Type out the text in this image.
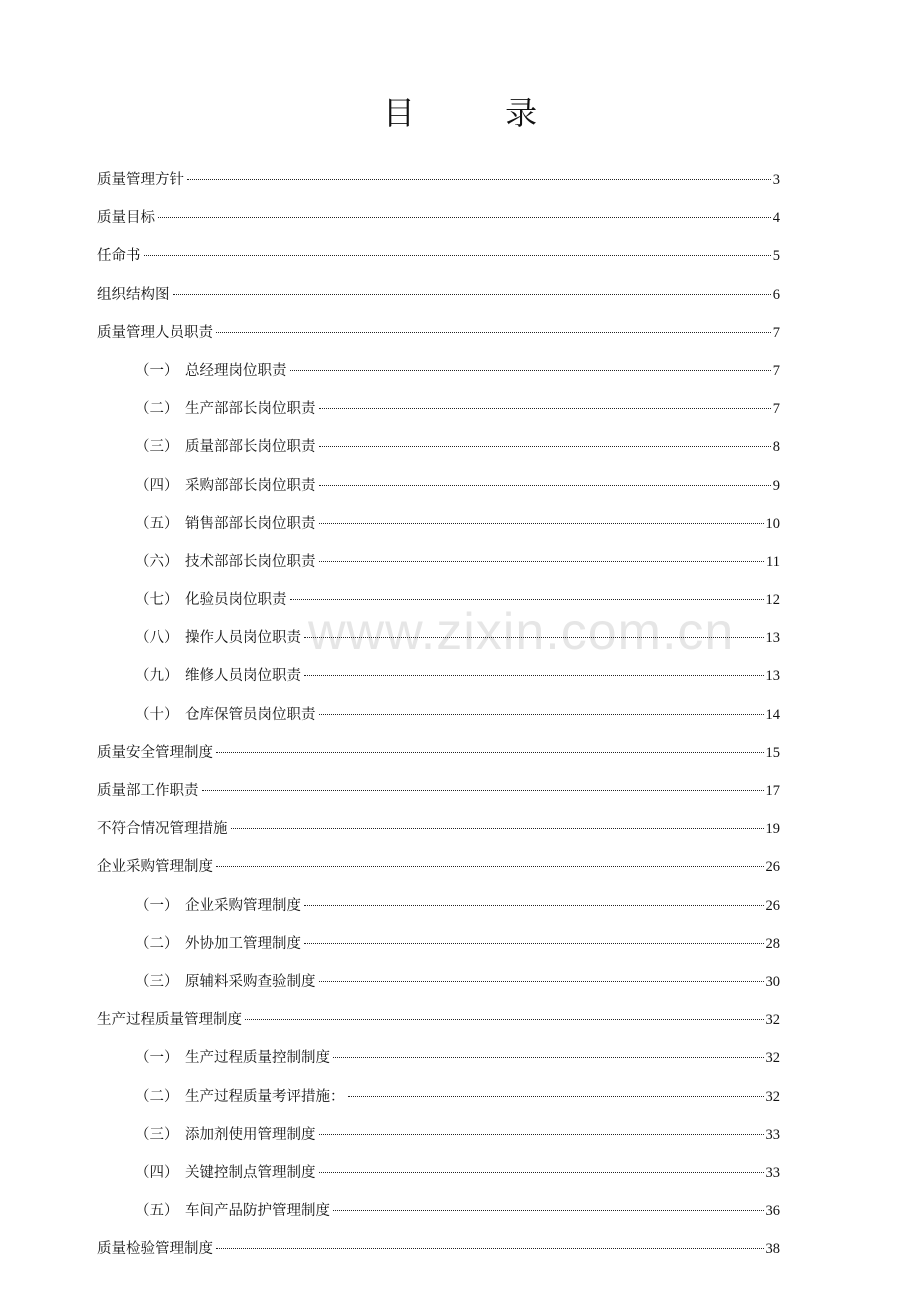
目 录
www.zixin.com.cn
质量管理方针	3
质量目标	4
任命书	5
组织结构图	6
质量管理人员职责	7
（一） 总经理岗位职责	7
（二） 生产部部长岗位职责	7
（三） 质量部部长岗位职责	8
（四） 采购部部长岗位职责	9
（五） 销售部部长岗位职责	10
（六） 技术部部长岗位职责	11
（七） 化验员岗位职责	12
（八） 操作人员岗位职责	13
（九） 维修人员岗位职责	13
（十） 仓库保管员岗位职责	14
质量安全管理制度	15
质量部工作职责	17
不符合情况管理措施	19
企业采购管理制度	26
（一） 企业采购管理制度	26
（二） 外协加工管理制度	28
（三） 原辅料采购查验制度	30
生产过程质量管理制度	32
（一） 生产过程质量控制制度	32
（二） 生产过程质量考评措施：	32
（三） 添加剂使用管理制度	33
（四） 关键控制点管理制度	33
（五） 车间产品防护管理制度	36
质量检验管理制度	38
